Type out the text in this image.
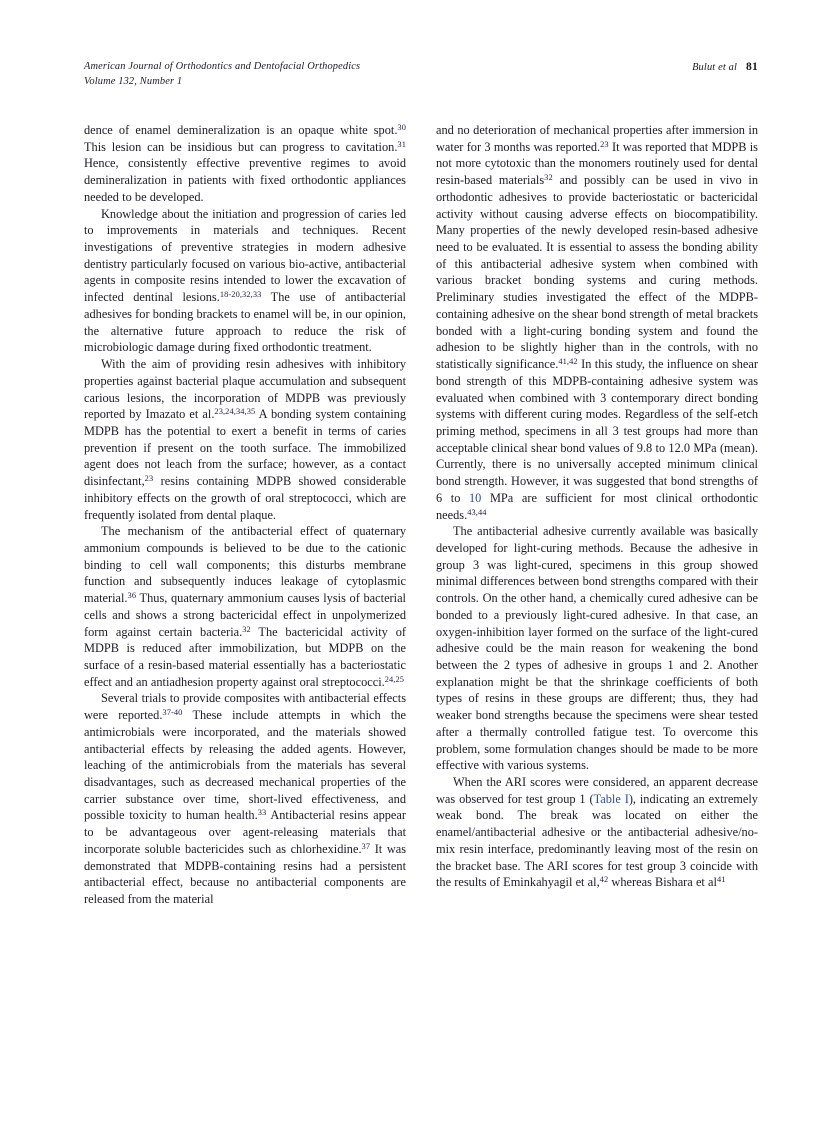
American Journal of Orthodontics and Dentofacial Orthopedics
Volume 132, Number 1
Bulut et al 81

dence of enamel demineralization is an opaque white spot.$^{30}$ This lesion can be insidious but can progress to cavitation.$^{31}$ Hence, consistently effective preventive regimes to avoid demineralization in patients with fixed orthodontic appliances needed to be developed.

Knowledge about the initiation and progression of caries led to improvements in materials and techniques. Recent investigations of preventive strategies in modern adhesive dentistry particularly focused on various bio-active, antibacterial agents in composite resins intended to lower the excavation of infected dentinal lesions.$^{18-20,32,33}$ The use of antibacterial adhesives for bonding brackets to enamel will be, in our opinion, the alternative future approach to reduce the risk of microbiologic damage during fixed orthodontic treatment.

With the aim of providing resin adhesives with inhibitory properties against bacterial plaque accumulation and subsequent carious lesions, the incorporation of MDPB was previously reported by Imazato et al.$^{23,24,34,35}$ A bonding system containing MDPB has the potential to exert a benefit in terms of caries prevention if present on the tooth surface. The immobilized agent does not leach from the surface; however, as a contact disinfectant,$^{23}$ resins containing MDPB showed considerable inhibitory effects on the growth of oral streptococci, which are frequently isolated from dental plaque.

The mechanism of the antibacterial effect of quaternary ammonium compounds is believed to be due to the cationic binding to cell wall components; this disturbs membrane function and subsequently induces leakage of cytoplasmic material.$^{36}$ Thus, quaternary ammonium causes lysis of bacterial cells and shows a strong bactericidal effect in unpolymerized form against certain bacteria.$^{32}$ The bactericidal activity of MDPB is reduced after immobilization, but MDPB on the surface of a resin-based material essentially has a bacteriostatic effect and an antiadhesion property against oral streptococci.$^{24,25}$

Several trials to provide composites with antibacterial effects were reported.$^{37-40}$ These include attempts in which the antimicrobials were incorporated, and the materials showed antibacterial effects by releasing the added agents. However, leaching of the antimicrobials from the materials has several disadvantages, such as decreased mechanical properties of the carrier substance over time, short-lived effectiveness, and possible toxicity to human health.$^{33}$ Antibacterial resins appear to be advantageous over agent-releasing materials that incorporate soluble bactericides such as chlorhexidine.$^{37}$ It was demonstrated that MDPB-containing resins had a persistent antibacterial effect, because no antibacterial components are released from the material

and no deterioration of mechanical properties after immersion in water for 3 months was reported.$^{23}$ It was reported that MDPB is not more cytotoxic than the monomers routinely used for dental resin-based materials$^{32}$ and possibly can be used in vivo in orthodontic adhesives to provide bacteriostatic or bactericidal activity without causing adverse effects on biocompatibility. Many properties of the newly developed resin-based adhesive need to be evaluated. It is essential to assess the bonding ability of this antibacterial adhesive system when combined with various bracket bonding systems and curing methods. Preliminary studies investigated the effect of the MDPB-containing adhesive on the shear bond strength of metal brackets bonded with a light-curing bonding system and found the adhesion to be slightly higher than in the controls, with no statistically significance.$^{41,42}$ In this study, the influence on shear bond strength of this MDPB-containing adhesive system was evaluated when combined with 3 contemporary direct bonding systems with different curing modes. Regardless of the self-etch priming method, specimens in all 3 test groups had more than acceptable clinical shear bond values of 9.8 to 12.0 MPa (mean). Currently, there is no universally accepted minimum clinical bond strength. However, it was suggested that bond strengths of 6 to 10 MPa are sufficient for most clinical orthodontic needs.$^{43,44}$

The antibacterial adhesive currently available was basically developed for light-curing methods. Because the adhesive in group 3 was light-cured, specimens in this group showed minimal differences between bond strengths compared with their controls. On the other hand, a chemically cured adhesive can be bonded to a previously light-cured adhesive. In that case, an oxygen-inhibition layer formed on the surface of the light-cured adhesive could be the main reason for weakening the bond between the 2 types of adhesive in groups 1 and 2. Another explanation might be that the shrinkage coefficients of both types of resins in these groups are different; thus, they had weaker bond strengths because the specimens were shear tested after a thermally controlled fatigue test. To overcome this problem, some formulation changes should be made to be more effective with various systems.

When the ARI scores were considered, an apparent decrease was observed for test group 1 (Table I), indicating an extremely weak bond. The break was located on either the enamel/antibacterial adhesive or the antibacterial adhesive/no-mix resin interface, predominantly leaving most of the resin on the bracket base. The ARI scores for test group 3 coincide with the results of Eminkahyagil et al,$^{42}$ whereas Bishara et al$^{41}$
